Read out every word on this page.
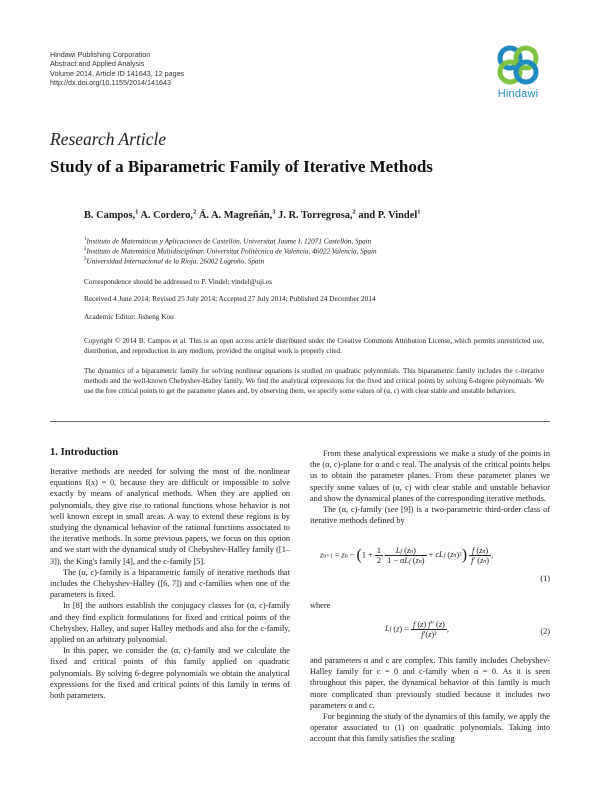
Hindawi Publishing Corporation
Abstract and Applied Analysis
Volume 2014, Article ID 141643, 12 pages
http://dx.doi.org/10.1155/2014/141643
Hindawi
Research Article
Study of a Biparametric Family of Iterative Methods
B. Campos,$^1$ A. Cordero,$^2$ Á. A. Magreñán,$^3$ J. R. Torregrosa,$^2$ and P. Vindel$^1$
$^1$Instituto de Matemáticas y Aplicaciones de Castellón, Universitat Jaume I, 12071 Castellón, Spain
$^2$Instituto de Matemática Multidisciplinar, Universitat Politècnica de Valencia, 46022 Valencia, Spain
$^3$Universidad Internacional de la Rioja, 26002 Logroño, Spain
Correspondence should be addressed to P. Vindel; vindel@uji.es
Received 4 June 2014; Revised 25 July 2014; Accepted 27 July 2014; Published 24 December 2014
Academic Editor: Jisheng Kou
Copyright © 2014 B. Campos et al. This is an open access article distributed under the Creative Commons Attribution License, which permits unrestricted use, distribution, and reproduction in any medium, provided the original work is properly cited.
The dynamics of a biparametric family for solving nonlinear equations is studied on quadratic polynomials. This biparametric family includes the c-iterative methods and the well-known Chebyshev-Halley family. We find the analytical expressions for the fixed and critical points by solving 6-degree polynomials. We use the free critical points to get the parameter planes and, by observing them, we specify some values of (α, c) with clear stable and unstable behaviors.
1. Introduction

Iterative methods are needed for solving the most of the nonlinear equations f(x) = 0, because they are difficult or impossible to solve exactly by means of analytical methods. When they are applied on polynomials, they give rise to rational functions whose behavior is not well known except in small areas. A way to extend these regions is by studying the dynamical behavior of the rational functions associated to the iterative methods. In some previous papers, we focus on this option and we start with the dynamical study of Chebyshev-Halley family ([1–3]), the King's family [4], and the c-family [5].

The (α, c)-family is a biparametric family of iterative methods that includes the Chebyshev-Halley ([6, 7]) and c-families when one of the parameters is fixed.

In [8] the authors establish the conjugacy classes for (α, c)-family and they find explicit formulations for fixed and critical points of the Chebyshev, Halley, and super Halley methods and also for the c-family, applied on an arbitrary polynomial.

In this paper, we consider the (α, c)-family and we calculate the fixed and critical points of this family applied on quadratic polynomials. By solving 6-degree polynomials we obtain the analytical expressions for the fixed and critical points of this family in terms of both parameters.

From these analytical expressions we make a study of the points in the (α, c)-plane for α and c real. The analysis of the critical points helps us to obtain the parameter planes. From these parameter planes we specify some values of (α, c) with clear stable and unstable behavior and show the dynamical planes of the corresponding iterative methods.

The (α, c)-family (see [9]) is a two-parametric third-order class of iterative methods defined by

zn+1 = zn − ($1 + \frac{1}{2}$
$\frac{Lf (zn)}{\text{1 − αLf (zn)}}$ + cLf $(zn)^2) \frac{f (zn)}{f' (zn)}$ ,
(1)
where
Lf $(z) = \frac{f (z) f'' (z)}{\text{f′(z)²}}$ ,	(2)

and parameters α and c are complex. This family includes Chebyshev-Halley family for c = 0 and c-family when α = 0. As it is seen throughout this paper, the dynamical behavior of this family is much more complicated than previously studied because it includes two parameters α and c.

For beginning the study of the dynamics of this family, we apply the operator associated to (1) on quadratic polynomials. Taking into account that this family satisfies the scaling
